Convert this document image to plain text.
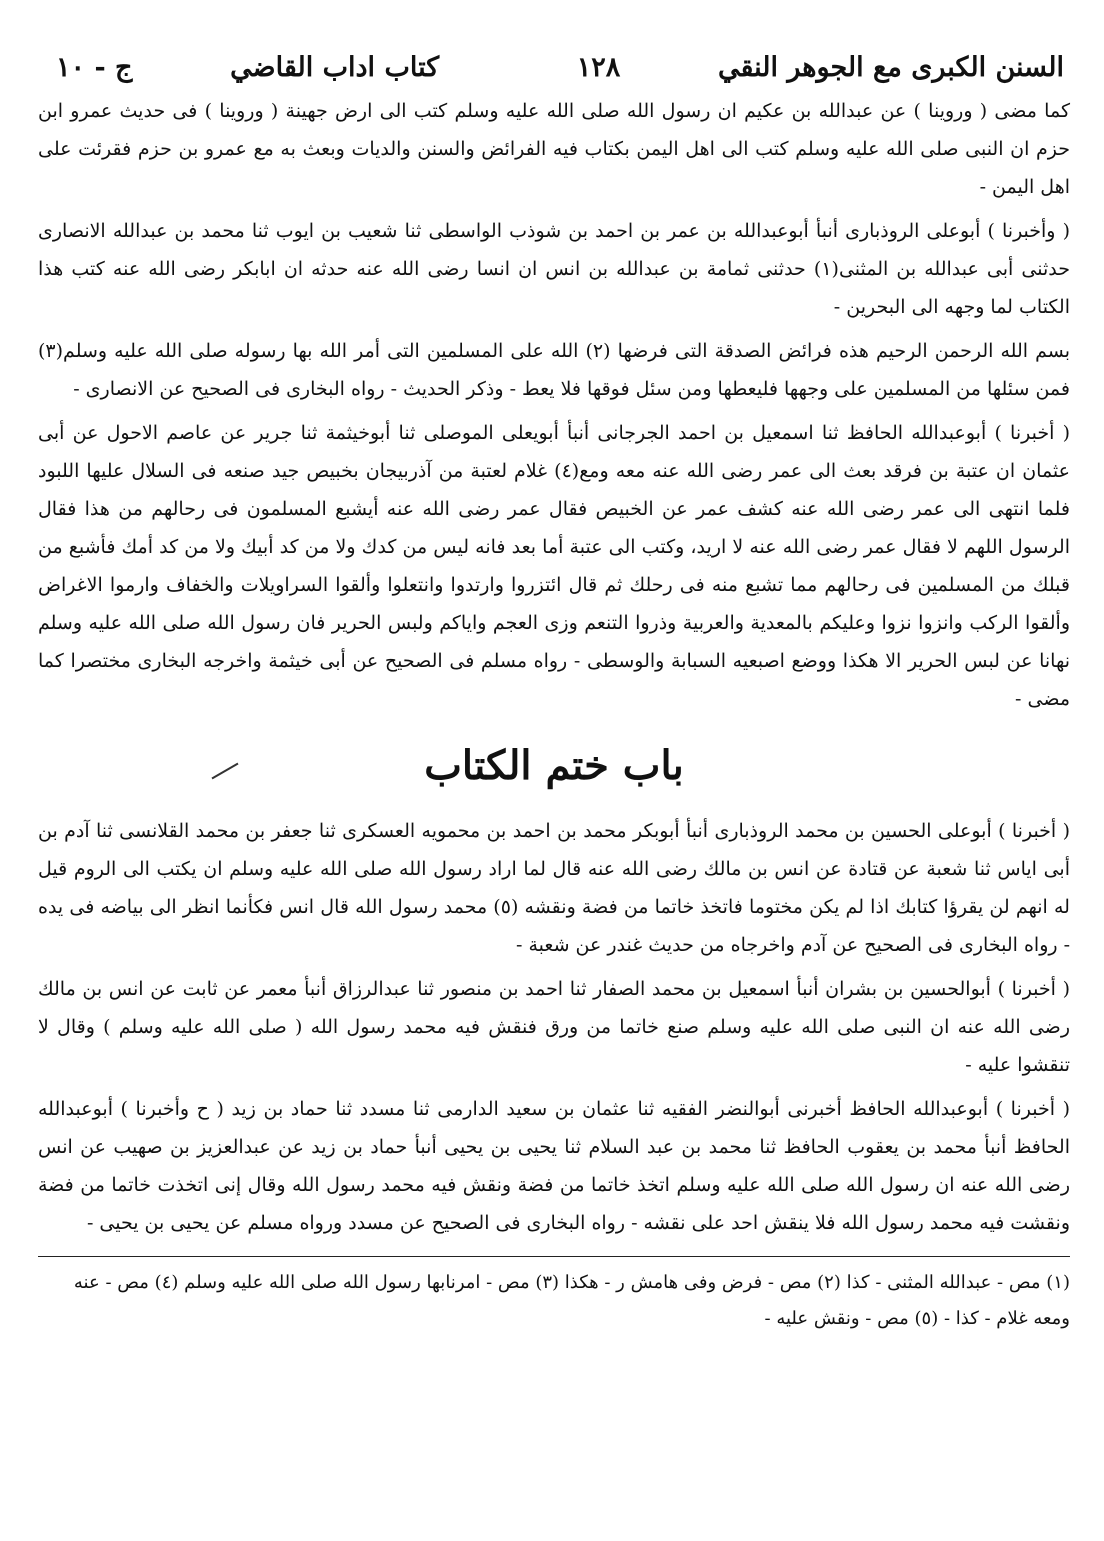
السنن الكبرى مع الجوهر النقي
١٢٨
كتاب اداب القاضي
ج - ١٠

كما مضى ( وروينا ) عن عبدالله بن عكيم ان رسول الله صلى الله عليه وسلم كتب الى ارض جهينة ( وروينا ) فى حديث عمرو ابن حزم ان النبى صلى الله عليه وسلم كتب الى اهل اليمن بكتاب فيه الفرائض والسنن والديات وبعث به مع عمرو بن حزم فقرئت على اهل اليمن -

( وأخبرنا ) أبوعلى الروذبارى أنبأ أبوعبدالله بن عمر بن احمد بن شوذب الواسطى ثنا شعيب بن ايوب ثنا محمد بن عبدالله الانصارى حدثنى أبى عبدالله بن المثنى(١) حدثنى ثمامة بن عبدالله بن انس ان انسا رضى الله عنه حدثه ان ابابكر رضى الله عنه كتب هذا الكتاب لما وجهه الى البحرين -

بسم الله الرحمن الرحيم هذه فرائض الصدقة التى فرضها (٢) الله على المسلمين التى أمر الله بها رسوله صلى الله عليه وسلم(٣) فمن سئلها من المسلمين على وجهها فليعطها ومن سئل فوقها فلا يعط - وذكر الحديث - رواه البخارى فى الصحيح عن الانصارى -

( أخبرنا ) أبوعبدالله الحافظ ثنا اسمعيل بن احمد الجرجانى أنبأ أبويعلى الموصلى ثنا أبوخيثمة ثنا جرير عن عاصم الاحول عن أبى عثمان ان عتبة بن فرقد بعث الى عمر رضى الله عنه معه ومع(٤) غلام لعتبة من آذربيجان بخبيص جيد صنعه فى السلال عليها اللبود فلما انتهى الى عمر رضى الله عنه كشف عمر عن الخبيص فقال عمر رضى الله عنه أيشبع المسلمون فى رحالهم من هذا فقال الرسول اللهم لا فقال عمر رضى الله عنه لا اريد، وكتب الى عتبة أما بعد فانه ليس من كدك ولا من كد أبيك ولا من كد أمك فأشبع من قبلك من المسلمين فى رحالهم مما تشبع منه فى رحلك ثم قال ائتزروا وارتدوا وانتعلوا وألقوا السراويلات والخفاف وارموا الاغراض وألقوا الركب وانزوا نزوا وعليكم بالمعدية والعربية وذروا التنعم وزى العجم واياكم ولبس الحرير فان رسول الله صلى الله عليه وسلم نهانا عن لبس الحرير الا هكذا ووضع اصبعيه السبابة والوسطى - رواه مسلم فى الصحيح عن أبى خيثمة واخرجه البخارى مختصرا كما مضى -

باب ختم الكتاب

( أخبرنا ) أبوعلى الحسين بن محمد الروذبارى أنبأ أبوبكر محمد بن احمد بن محمويه العسكرى ثنا جعفر بن محمد القلانسى ثنا آدم بن أبى اياس ثنا شعبة عن قتادة عن انس بن مالك رضى الله عنه قال لما اراد رسول الله صلى الله عليه وسلم ان يكتب الى الروم قيل له انهم لن يقرؤا كتابك اذا لم يكن مختوما فاتخذ خاتما من فضة ونقشه (٥) محمد رسول الله قال انس فكأنما انظر الى بياضه فى يده - رواه البخارى فى الصحيح عن آدم واخرجاه من حديث غندر عن شعبة -

( أخبرنا ) أبوالحسين بن بشران أنبأ اسمعيل بن محمد الصفار ثنا احمد بن منصور ثنا عبدالرزاق أنبأ معمر عن ثابت عن انس بن مالك رضى الله عنه ان النبى صلى الله عليه وسلم صنع خاتما من ورق فنقش فيه محمد رسول الله ( صلى الله عليه وسلم ) وقال لا تنقشوا عليه -

( أخبرنا ) أبوعبدالله الحافظ أخبرنى أبوالنضر الفقيه ثنا عثمان بن سعيد الدارمى ثنا مسدد ثنا حماد بن زيد ( ح وأخبرنا ) أبوعبدالله الحافظ أنبأ محمد بن يعقوب الحافظ ثنا محمد بن عبد السلام ثنا يحيى بن يحيى أنبأ حماد بن زيد عن عبدالعزيز بن صهيب عن انس رضى الله عنه ان رسول الله صلى الله عليه وسلم اتخذ خاتما من فضة ونقش فيه محمد رسول الله وقال إنى اتخذت خاتما من فضة ونقشت فيه محمد رسول الله فلا ينقش احد على نقشه - رواه البخارى فى الصحيح عن مسدد ورواه مسلم عن يحيى بن يحيى -

(١) مص - عبدالله المثنى - كذا (٢) مص - فرض وفى هامش ر - هكذا (٣) مص - امرنابها رسول الله صلى الله عليه وسلم (٤) مص - عنه ومعه غلام - كذا - (٥) مص - ونقش عليه -
